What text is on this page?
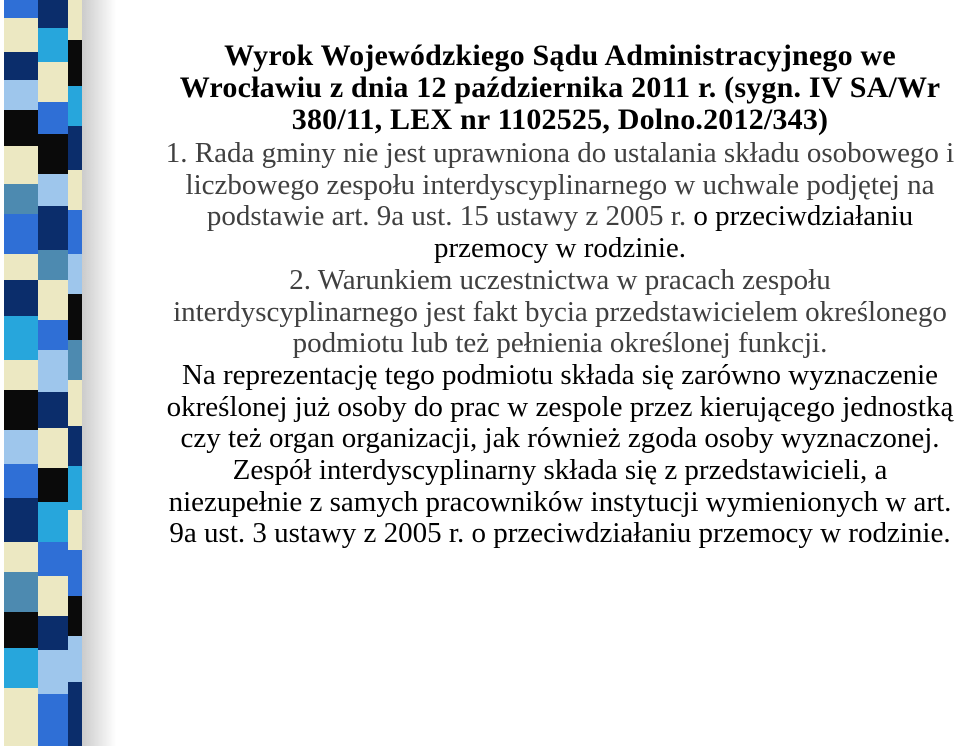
Wyrok Wojewódzkiego Sądu Administracyjnego we Wrocławiu z dnia 12 października 2011 r. (sygn. IV SA/Wr 380/11, LEX nr 1102525, Dolno.2012/343)

1. Rada gminy nie jest uprawniona do ustalania składu osobowego i liczbowego zespołu interdyscyplinarnego w uchwale podjętej na podstawie art. 9a ust. 15 ustawy z 2005 r. o przeciwdziałaniu przemocy w rodzinie.

2. Warunkiem uczestnictwa w pracach zespołu interdyscyplinarnego jest fakt bycia przedstawicielem określonego podmiotu lub też pełnienia określonej funkcji.

Na reprezentację tego podmiotu składa się zarówno wyznaczenie określonej już osoby do prac w zespole przez kierującego jednostką czy też organ organizacji, jak również zgoda osoby wyznaczonej. Zespół interdyscyplinarny składa się z przedstawicieli, a niezupełnie z samych pracowników instytucji wymienionych w art. 9a ust. 3 ustawy z 2005 r. o przeciwdziałaniu przemocy w rodzinie.
